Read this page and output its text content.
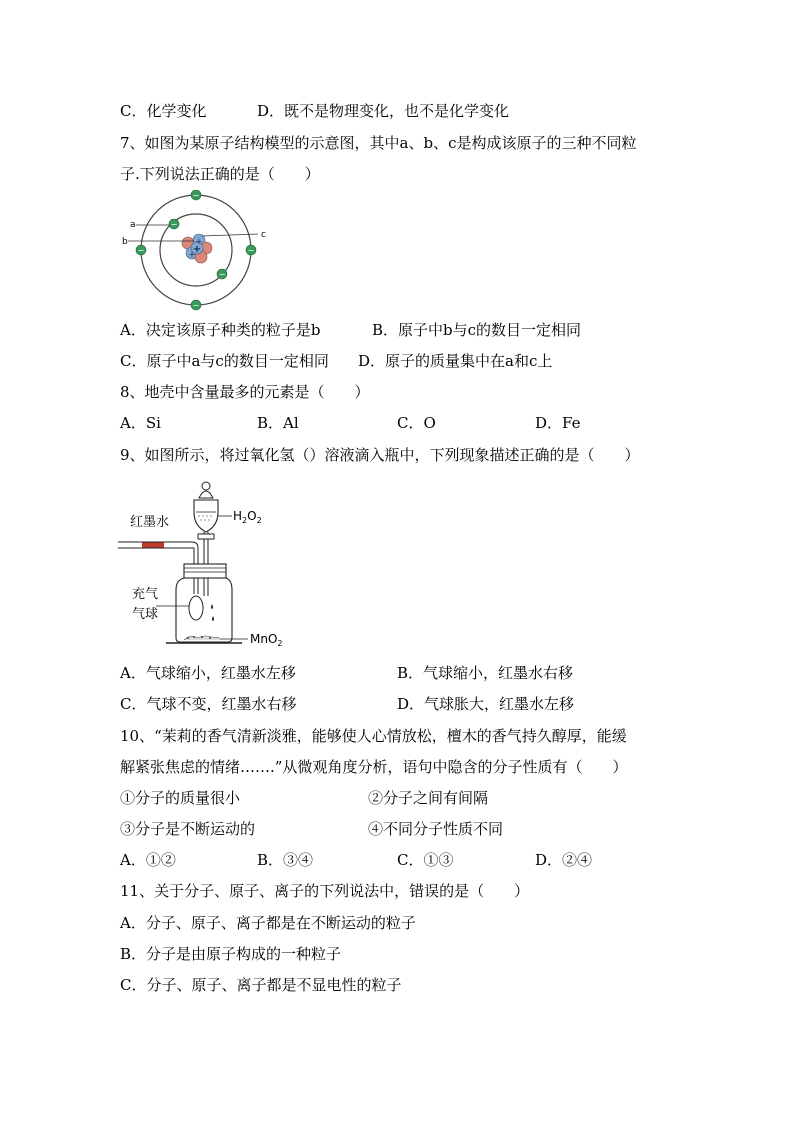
C．化学变化	D．既不是物理变化，也不是化学变化
7、如图为某原子结构模型的示意图，其中a、b、c是构成该原子的三种不同粒
子.下列说法正确的是（　　）
+
+
+
−
−
−	−
−
−
a
b
c
A．决定该原子种类的粒子是b	B．原子中b与c的数目一定相同
C．原子中a与c的数目一定相同 D．原子的质量集中在a和c上
8、地壳中含量最多的元素是（　　）
A．Si	B．Al	C．O	D．Fe
9、如图所示，将过氧化氢（）溶液滴入瓶中，下列现象描述正确的是（　　）
$H_2O_2$
红墨水
充气
气球
MnO$_2$
A．气球缩小，红墨水左移	B．气球缩小，红墨水右移
C．气球不变，红墨水右移	D．气球胀大，红墨水左移
10、“茉莉的香气清新淡雅，能够使人心情放松，檀木的香气持久醇厚，能缓
解紧张焦虑的情绪…….”从微观角度分析，语句中隐含的分子性质有（　　）
①分子的质量很小	②分子之间有间隔
③分子是不断运动的	④不同分子性质不同
A．①②	B．③④	C．①③	D．②④
11、关于分子、原子、离子的下列说法中，错误的是（　　）
A．分子、原子、离子都是在不断运动的粒子
B．分子是由原子构成的一种粒子
C．分子、原子、离子都是不显电性的粒子
